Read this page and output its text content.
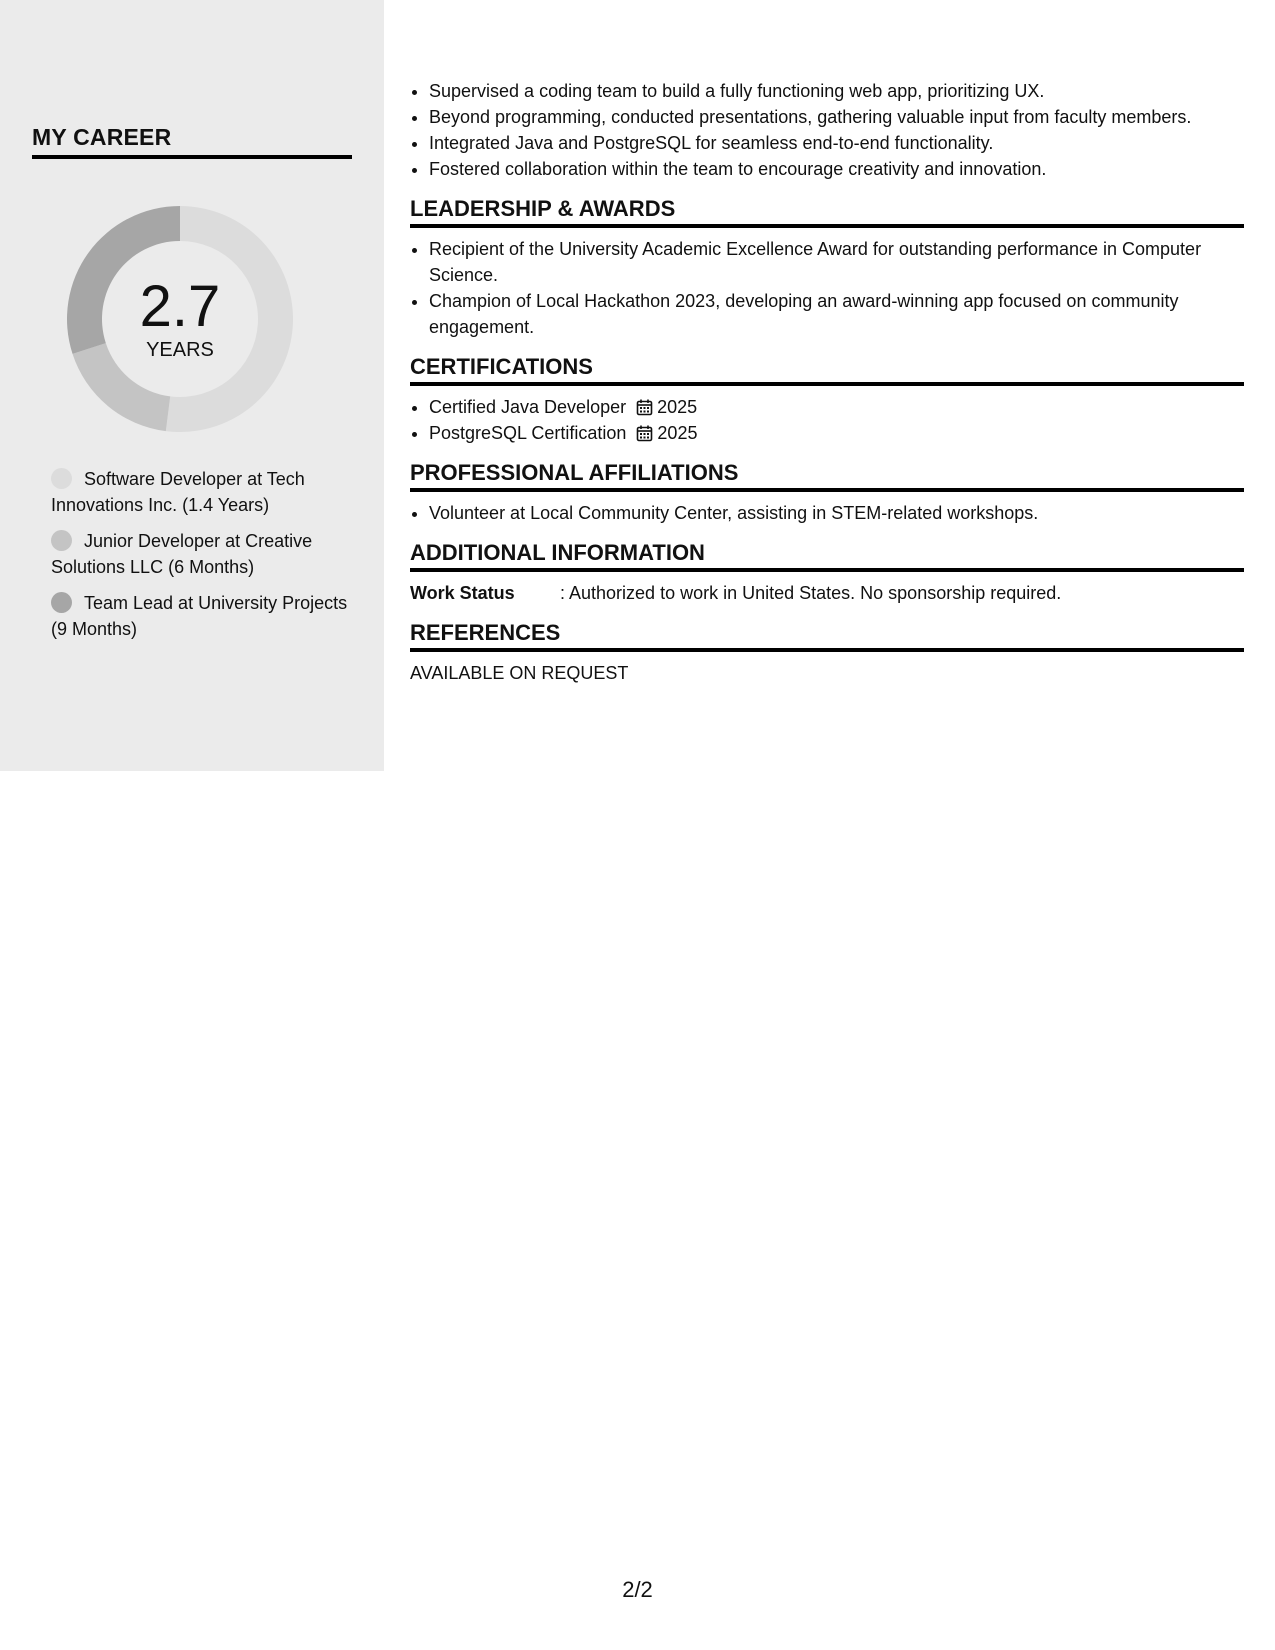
MY CAREER
2.7
YEARS
Software Developer at Tech Innovations Inc. (1.4 Years)
Junior Developer at Creative Solutions LLC (6 Months)
Team Lead at University Projects (9 Months)
• Supervised a coding team to build a fully functioning web app, prioritizing UX.
• Beyond programming, conducted presentations, gathering valuable input from faculty members.
• Integrated Java and PostgreSQL for seamless end-to-end functionality.
• Fostered collaboration within the team to encourage creativity and innovation.
LEADERSHIP & AWARDS
• Recipient of the University Academic Excellence Award for outstanding performance in Computer Science.
• Champion of Local Hackathon 2023, developing an award-winning app focused on community engagement.
CERTIFICATIONS
• Certified Java Developer 2025
• PostgreSQL Certification 2025
PROFESSIONAL AFFILIATIONS
• Volunteer at Local Community Center, assisting in STEM-related workshops.
ADDITIONAL INFORMATION
Work Status	: Authorized to work in United States. No sponsorship required.
REFERENCES
AVAILABLE ON REQUEST
2/2
